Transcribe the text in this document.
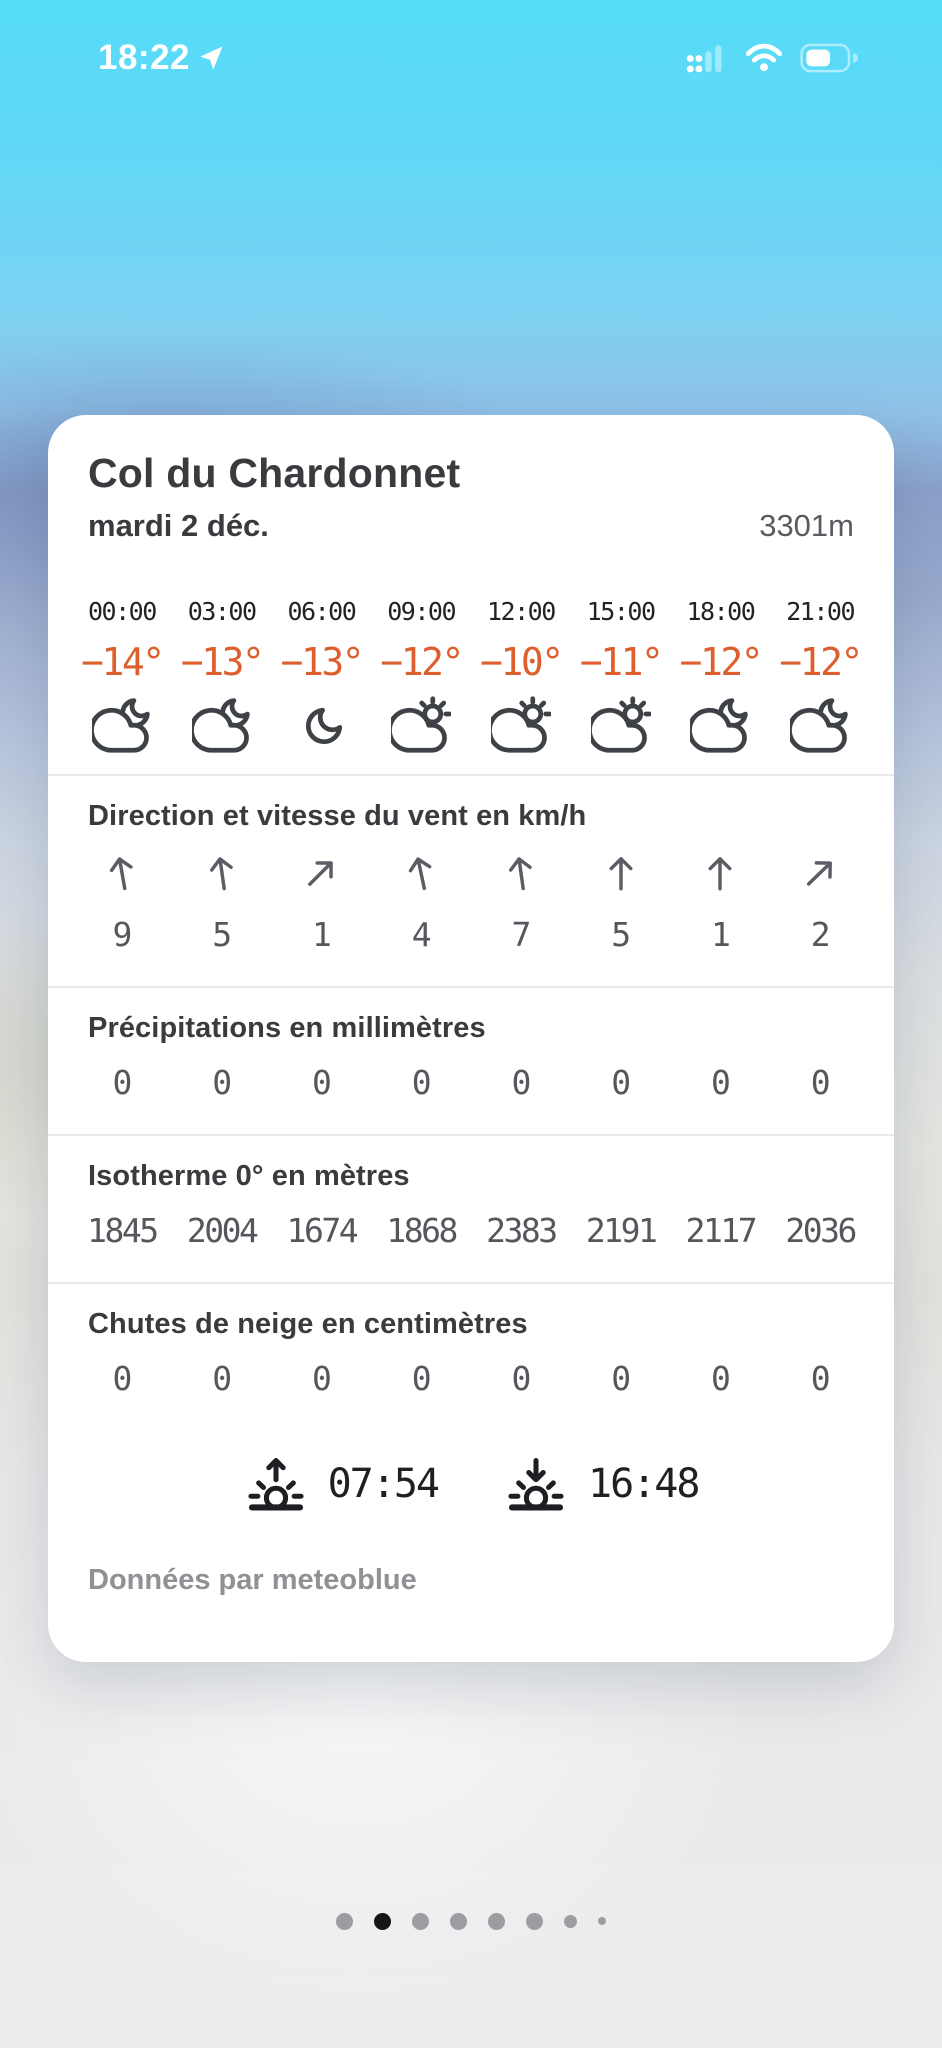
18:22
Col du Chardonnet
mardi 2 déc.	3301m
00:00 03:00 06:00 09:00 12:00 15:00 18:00 21:00
−14° −13° −13° −12° −10° −11° −12° −12°
Direction et vitesse du vent en km/h
9 5 1 4 7 5 1 2
Précipitations en millimètres
0 0 0 0 0 0 0 0
Isotherme 0° en mètres
1845 2004 1674 1868 2383 2191 2117 2036
Chutes de neige en centimètres
0 0 0 0 0 0 0 0
07:54	16:48
Données par meteoblue
